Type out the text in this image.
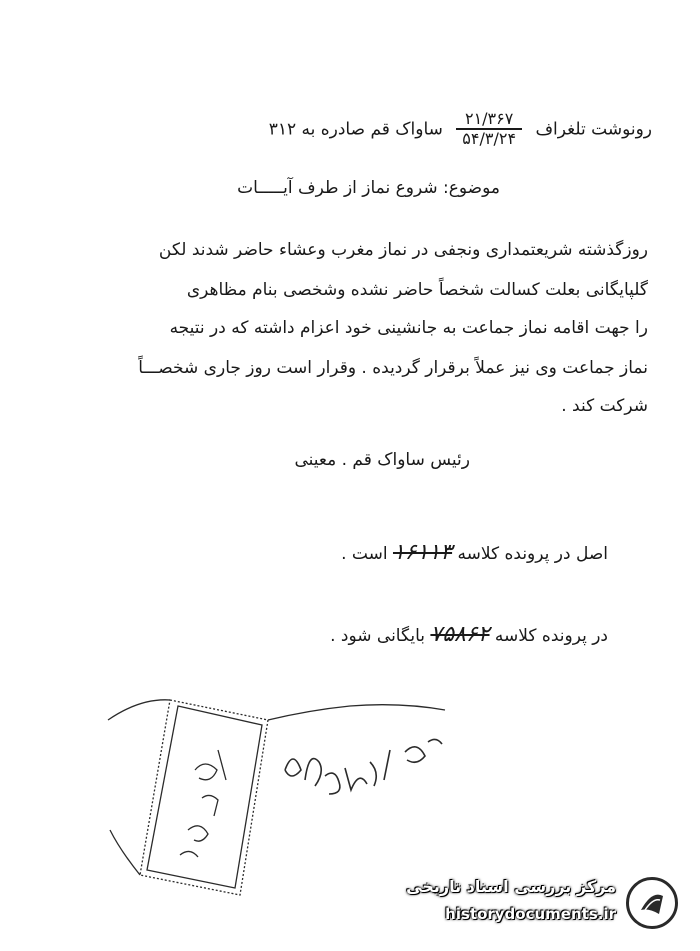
رونوشت تلغراف
$\frac{۲۱/۳۶۷}{۵۴/۳/۲۴}$
ساواک قم صادره به ۳۱۲
موضوع: شروع نماز از طرف آیـــــات
روزگذشته شریعتمداری ونجفی در نماز مغرب وعشاء حاضر شدند لکن
گلپایگانی بعلت کسالت شخصاً حاضر نشده وشخصی بنام مظاهری
را جهت اقامه نماز جماعت به جانشینی خود اعزام داشته که در نتیجه
نماز جماعت وی نیز عملاً برقرار گردیده . وقرار است روز جاری شخصـــاً
شرکت کند .
رئیس ساواک قم . معینی
اصل در پرونده کلاسه ۱۶۱۱۳ است .
در پرونده کلاسه ۷۵۸۶۲ بایگانی شود .
مرکز بررسی اسناد تاریخی
historydocuments.ir
